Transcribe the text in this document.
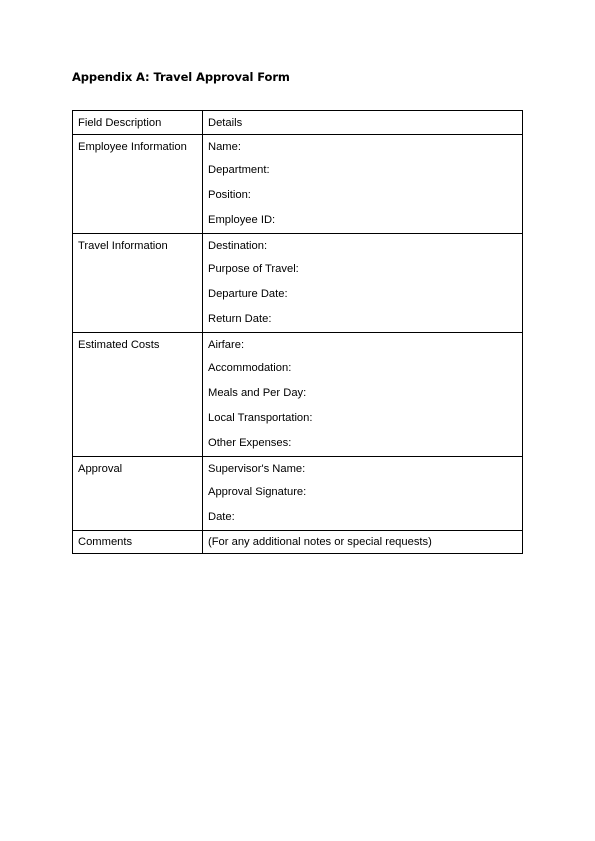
Appendix A: Travel Approval Form
Field Description	Details

Employee Information	Name:
Department:
Position:
Employee ID:

Travel Information	Destination:
Purpose of Travel:
Departure Date:
Return Date:

Estimated Costs	Airfare:
Accommodation:
Meals and Per Day:
Local Transportation:
Other Expenses:

Approval	Supervisor's Name:
Approval Signature:
Date:

Comments	(For any additional notes or special requests)
